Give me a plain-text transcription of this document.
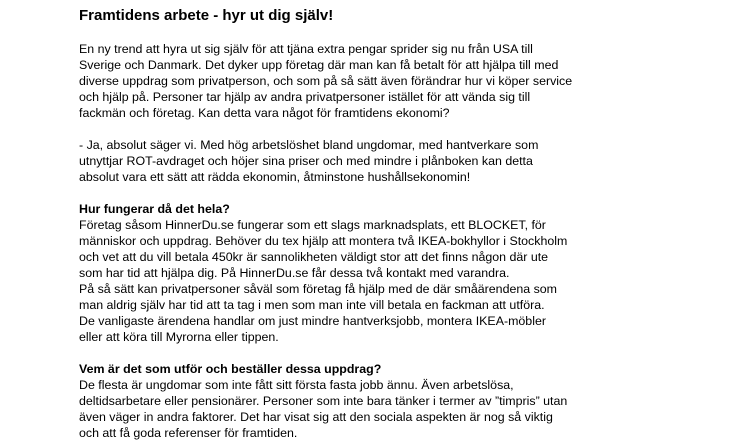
Framtidens arbete - hyr ut dig själv!
En ny trend att hyra ut sig själv för att tjäna extra pengar sprider sig nu från USA till
Sverige och Danmark. Det dyker upp företag där man kan få betalt för att hjälpa till med
diverse uppdrag som privatperson, och som på så sätt även förändrar hur vi köper service
och hjälp på. Personer tar hjälp av andra privatpersoner istället för att vända sig till
fackmän och företag. Kan detta vara något för framtidens ekonomi?
- Ja, absolut säger vi. Med hög arbetslöshet bland ungdomar, med hantverkare som
utnyttjar ROT-avdraget och höjer sina priser och med mindre i plånboken kan detta
absolut vara ett sätt att rädda ekonomin, åtminstone hushållsekonomin!
Hur fungerar då det hela?
Företag såsom HinnerDu.se fungerar som ett slags marknadsplats, ett BLOCKET, för
människor och uppdrag. Behöver du tex hjälp att montera två IKEA-bokhyllor i Stockholm
och vet att du vill betala 450kr är sannolikheten väldigt stor att det finns någon där ute
som har tid att hjälpa dig. På HinnerDu.se får dessa två kontakt med varandra.
På så sätt kan privatpersoner såväl som företag få hjälp med de där småärendena som
man aldrig själv har tid att ta tag i men som man inte vill betala en fackman att utföra.
De vanligaste ärendena handlar om just mindre hantverksjobb, montera IKEA-möbler
eller att köra till Myrorna eller tippen.
Vem är det som utför och beställer dessa uppdrag?
De flesta är ungdomar som inte fått sitt första fasta jobb ännu. Även arbetslösa,
deltidsarbetare eller pensionärer. Personer som inte bara tänker i termer av ”timpris” utan
även väger in andra faktorer. Det har visat sig att den sociala aspekten är nog så viktig
och att få goda referenser för framtiden.
